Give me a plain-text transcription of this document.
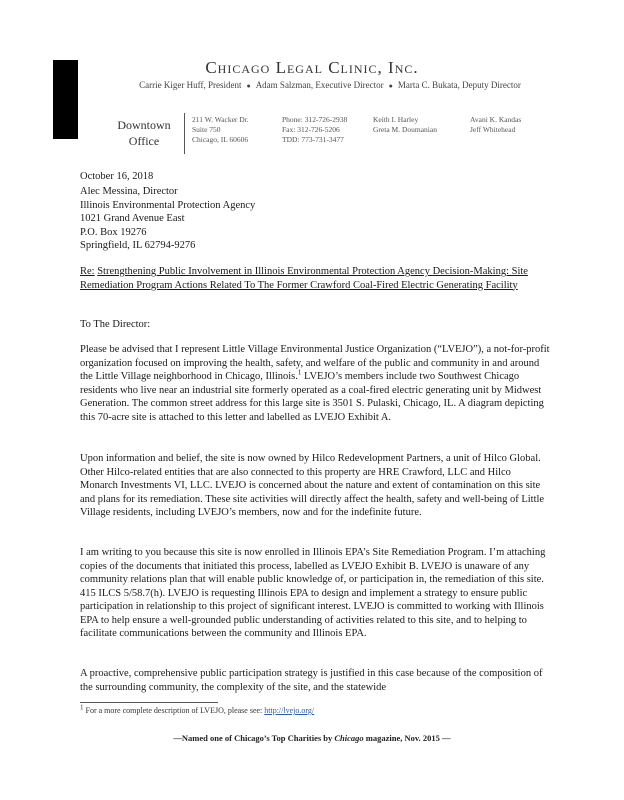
Chicago Legal Clinic, Inc.
Carrie Kiger Huff, President ● Adam Salzman, Executive Director ● Marta C. Bukata, Deputy Director
Downtown
Office
211 W. Wacker Dr.
Suite 750
Chicago, IL 60606
Phone: 312-726-2938
Fax: 312-726-5206
TDD: 773-731-3477
Keith I. Harley
Greta M. Doumanian
Avani K. Kandas
Jeff Whitehead
October 16, 2018
Alec Messina, Director
Illinois Environmental Protection Agency
1021 Grand Avenue East
P.O. Box 19276
Springfield, IL 62794-9276
Re: Strengthening Public Involvement in Illinois Environmental Protection Agency Decision-Making: Site Remediation Program Actions Related To The Former Crawford Coal-Fired Electric Generating Facility
To The Director:
Please be advised that I represent Little Village Environmental Justice Organization (“LVEJO”), a not-for-profit organization focused on improving the health, safety, and welfare of the public and community in and around the Little Village neighborhood in Chicago, Illinois.$^1$ LVEJO’s members include two Southwest Chicago residents who live near an industrial site formerly operated as a coal-fired electric generating unit by Midwest Generation. The common street address for this large site is 3501 S. Pulaski, Chicago, IL. A diagram depicting this 70-acre site is attached to this letter and labelled as LVEJO Exhibit A.
Upon information and belief, the site is now owned by Hilco Redevelopment Partners, a unit of Hilco Global. Other Hilco-related entities that are also connected to this property are HRE Crawford, LLC and Hilco Monarch Investments VI, LLC. LVEJO is concerned about the nature and extent of contamination on this site and plans for its remediation. These site activities will directly affect the health, safety and well-being of Little Village residents, including LVEJO’s members, now and for the indefinite future.
I am writing to you because this site is now enrolled in Illinois EPA’s Site Remediation Program. I’m attaching copies of the documents that initiated this process, labelled as LVEJO Exhibit B. LVEJO is unaware of any community relations plan that will enable public knowledge of, or participation in, the remediation of this site. 415 ILCS 5/58.7(h). LVEJO is requesting Illinois EPA to design and implement a strategy to ensure public participation in relationship to this project of significant interest. LVEJO is committed to working with Illinois EPA to help ensure a well-grounded public understanding of activities related to this site, and to helping to facilitate communications between the community and Illinois EPA.
A proactive, comprehensive public participation strategy is justified in this case because of the composition of the surrounding community, the complexity of the site, and the statewide
$^1$ For a more complete description of LVEJO, please see: http://lvejo.org/
—Named one of Chicago’s Top Charities by Chicago magazine, Nov. 2015 —
